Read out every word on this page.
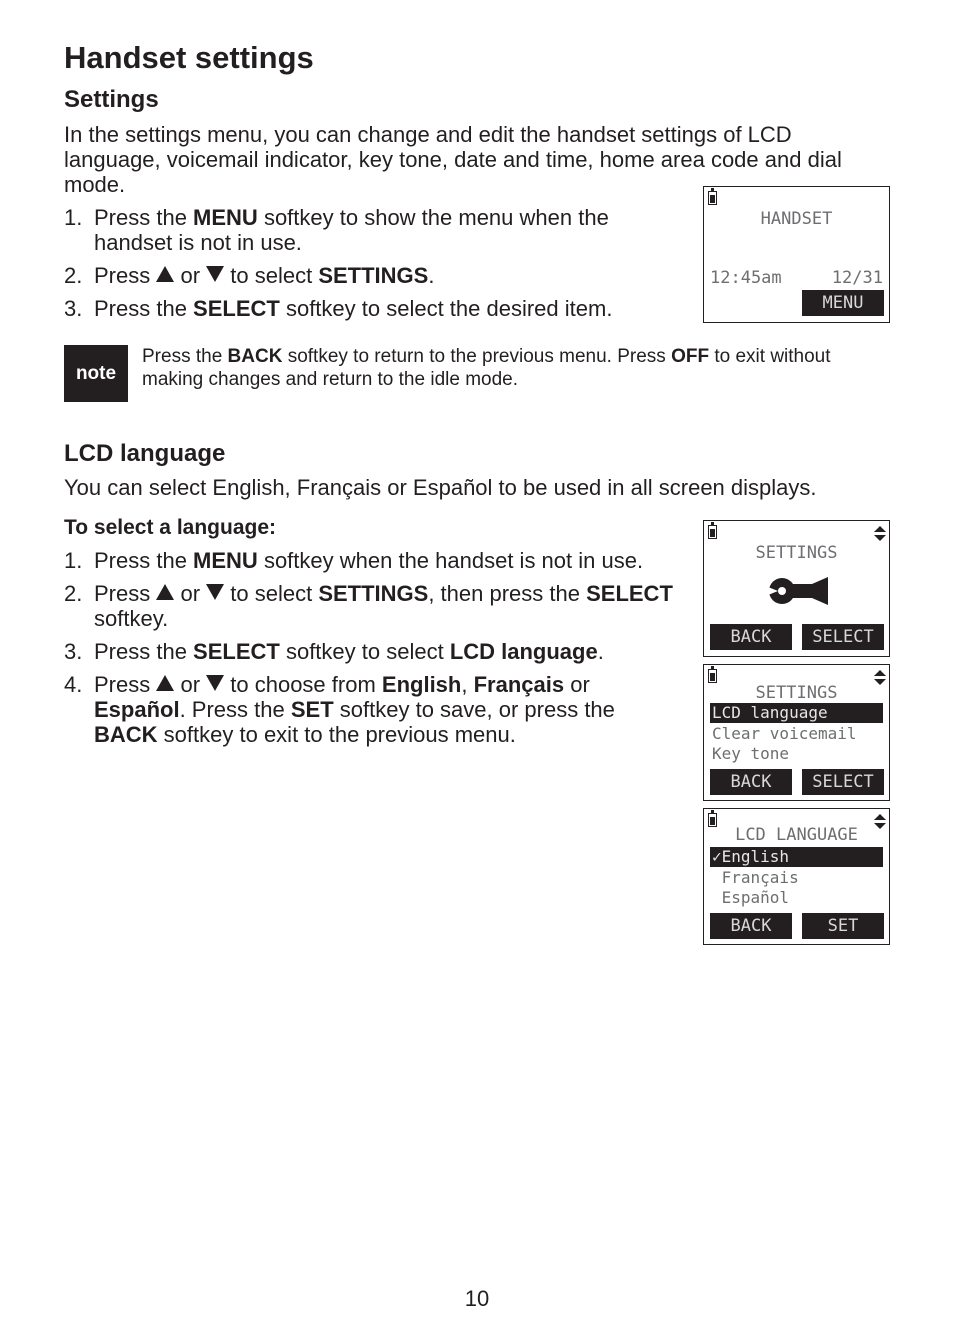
Handset settings
Settings
In the settings menu, you can change and edit the handset settings of LCD language, voicemail indicator, key tone, date and time, home area code and dial mode.
1. Press the MENU softkey to show the menu when the handset is not in use.
2. Press  or  to select SETTINGS.
3. Press the SELECT softkey to select the desired item.
HANDSET
12:45am	12/31
MENU
note
Press the BACK softkey to return to the previous menu. Press OFF to exit without making changes and return to the idle mode.
LCD language
You can select English, Français or Español to be used in all screen displays.
To select a language:
1. Press the MENU softkey when the handset is not in use.
2. Press  or  to select SETTINGS, then press the SELECT softkey.
3. Press the SELECT softkey to select LCD language.
4. Press  or  to choose from English, Français or Español. Press the SET softkey to save, or press the BACK softkey to exit to the previous menu.
SETTINGS
BACK	SELECT
SETTINGS
LCD language
Clear voicemail
Key tone
BACK	SELECT
LCD LANGUAGE
✓English
Français
Español
BACK	SET
10
